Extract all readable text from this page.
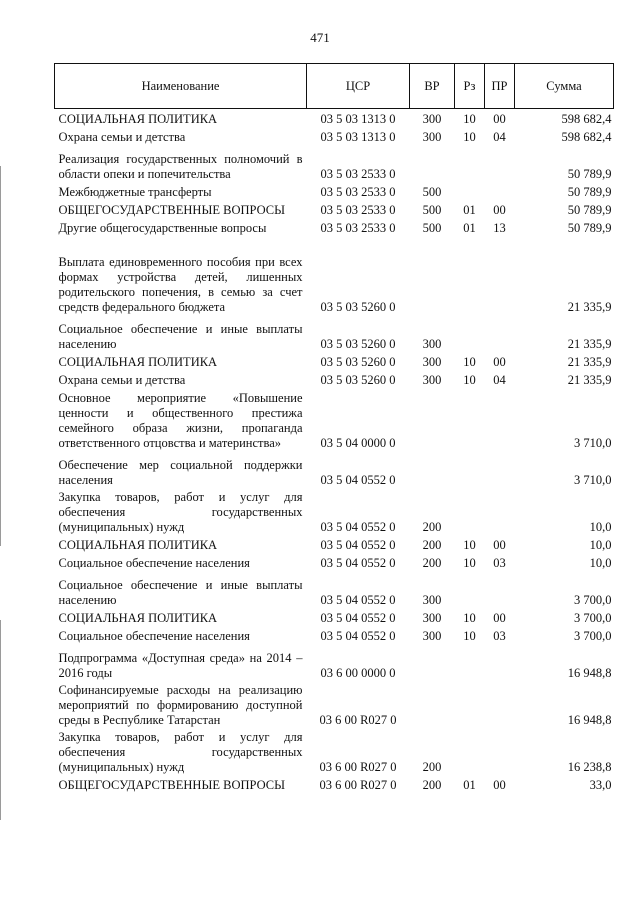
471
Наименование	ЦСР	ВР	Рз	ПР	Сумма
СОЦИАЛЬНАЯ ПОЛИТИКА	03 5 03 1313 0	300	10	00	598 682,4
Охрана семьи и детства	03 5 03 1313 0	300	10	04	598 682,4
Реализация государственных полномочий в области опеки и попечительства	03 5 03 2533 0				50 789,9
Межбюджетные трансферты	03 5 03 2533 0	500			50 789,9
ОБЩЕГОСУДАРСТВЕННЫЕ ВОПРОСЫ	03 5 03 2533 0	500	01	00	50 789,9
Другие общегосударственные вопросы	03 5 03 2533 0	500	01	13	50 789,9
Выплата единовременного пособия при всех формах устройства детей, лишенных родительского попечения, в семью за счет средств федерального бюджета	03 5 03 5260 0				21 335,9
Социальное обеспечение и иные выплаты населению	03 5 03 5260 0	300			21 335,9
СОЦИАЛЬНАЯ ПОЛИТИКА	03 5 03 5260 0	300	10	00	21 335,9
Охрана семьи и детства	03 5 03 5260 0	300	10	04	21 335,9
Основное мероприятие «Повышение ценности и общественного престижа семейного образа жизни, пропаганда ответственного отцовства и материнства»	03 5 04 0000 0				3 710,0
Обеспечение мер социальной поддержки населения	03 5 04 0552 0				3 710,0
Закупка товаров, работ и услуг для обеспечения государственных (муниципальных) нужд	03 5 04 0552 0	200			10,0
СОЦИАЛЬНАЯ ПОЛИТИКА	03 5 04 0552 0	200	10	00	10,0
Социальное обеспечение населения	03 5 04 0552 0	200	10	03	10,0
Социальное обеспечение и иные выплаты населению	03 5 04 0552 0	300			3 700,0
СОЦИАЛЬНАЯ ПОЛИТИКА	03 5 04 0552 0	300	10	00	3 700,0
Социальное обеспечение населения	03 5 04 0552 0	300	10	03	3 700,0
Подпрограмма «Доступная среда» на 2014 – 2016 годы	03 6 00 0000 0				16 948,8
Софинансируемые расходы на реализацию мероприятий по формированию доступной среды в Республике Татарстан	03 6 00 R027 0				16 948,8
Закупка товаров, работ и услуг для обеспечения государственных (муниципальных) нужд	03 6 00 R027 0	200			16 238,8
ОБЩЕГОСУДАРСТВЕННЫЕ ВОПРОСЫ	03 6 00 R027 0	200	01	00	33,0
